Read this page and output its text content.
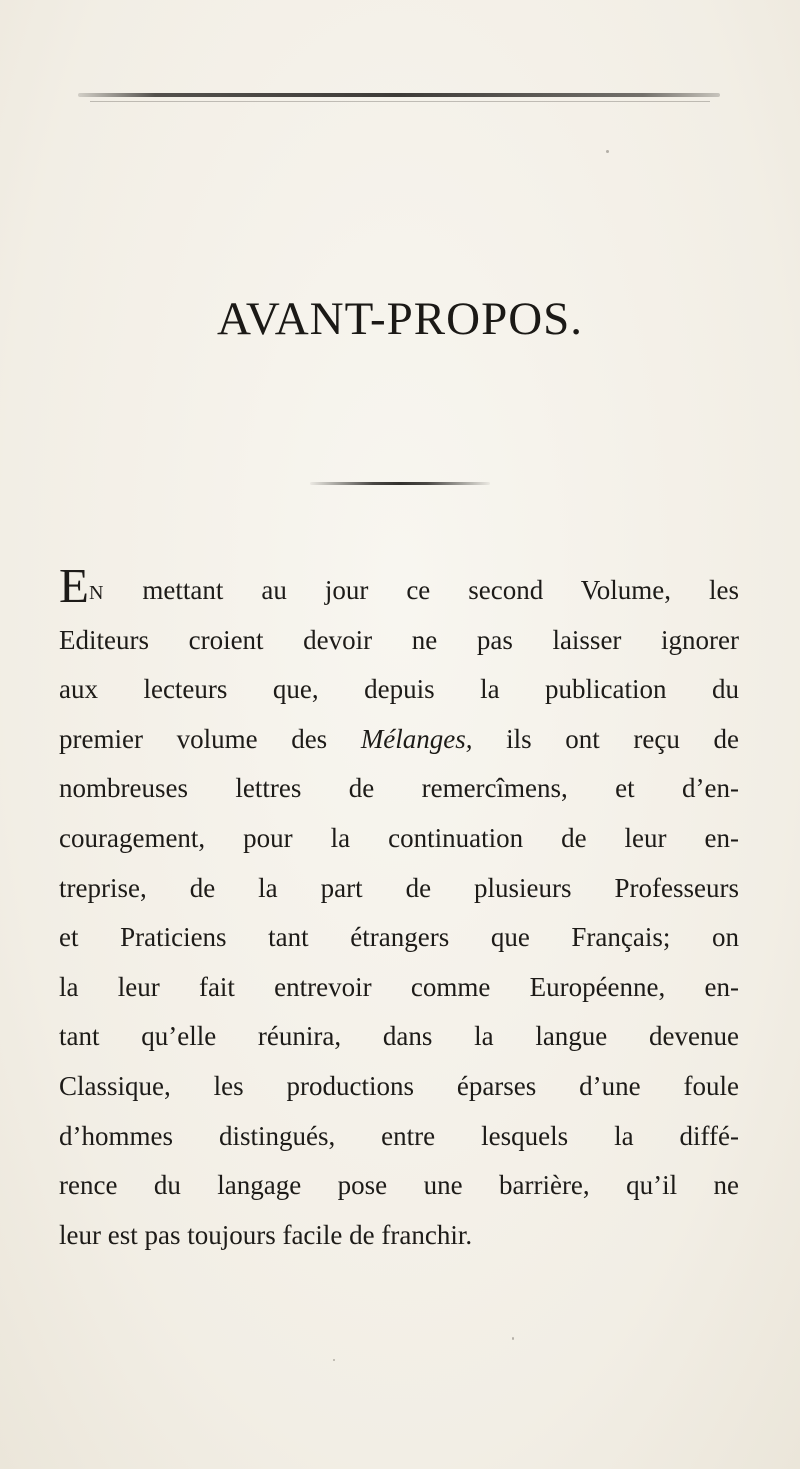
AVANT-PROPOS.
EN mettant au jour ce second Volume, les
Editeurs croient devoir ne pas laisser ignorer
aux lecteurs que, depuis la publication du
premier volume des Mélanges, ils ont reçu de
nombreuses lettres de remercîmens, et d’en-
couragement, pour la continuation de leur en-
treprise, de la part de plusieurs Professeurs
et Praticiens tant étrangers que Français; on
la leur fait entrevoir comme Européenne, en-
tant qu’elle réunira, dans la langue devenue
Classique, les productions éparses d’une foule
d’hommes distingués, entre lesquels la diffé-
rence du langage pose une barrière, qu’il ne
leur est pas toujours facile de franchir.
